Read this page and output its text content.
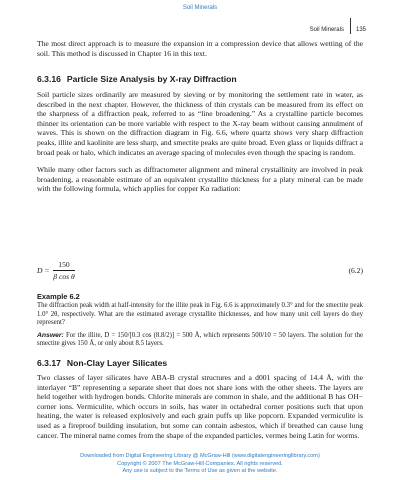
Soil Minerals
Soil Minerals 135

The most direct approach is to measure the expansion in a compression device that allows wetting of the soil. This method is discussed in Chapter 16 in this text.

6.3.16 Particle Size Analysis by X-ray Diffraction

Soil particle sizes ordinarily are measured by sieving or by monitoring the settlement rate in water, as described in the next chapter. However, the thickness of thin crystals can be measured from its effect on the sharpness of a diffraction peak, referred to as “line broadening.” As a crystalline particle becomes thinner its orientation can be more variable with respect to the X-ray beam without causing annulment of waves. This is shown on the diffraction diagram in Fig. 6.6, where quartz shows very sharp diffraction peaks, illite and kaolinite are less sharp, and smectite peaks are quite broad. Even glass or liquids diffract a broad peak or halo, which indicates an average spacing of molecules even though the spacing is random.

While many other factors such as diffractometer alignment and mineral crystallinity are involved in peak broadening, a reasonable estimate of an equivalent crystallite thickness for a platy mineral can be made with the following formula, which applies for copper Kα radiation:

D =
150
β cos θ
(6.2)
Example 6.2

The diffraction peak width at half-intensity for the illite peak in Fig. 6.6 is approximately 0.3° and for the smectite peak 1.0° 2θ, respectively. What are the estimated average crystallite thicknesses, and how many unit cell layers do they represent?

Answer: For the illite, D = 150/[0.3 cos (8.8/2)] = 500 Å, which represents 500/10 = 50 layers. The solution for the smectite gives 150 Å, or only about 8.5 layers.

6.3.17 Non-Clay Layer Silicates

Two classes of layer silicates have ABA-B crystal structures and a d001 spacing of 14.4 Å, with the interlayer “B” representing a separate sheet that does not share ions with the other sheets. The layers are held together with hydrogen bonds. Chlorite minerals are common in shale, and the additional B has OH− corner ions. Vermiculite, which occurs in soils, has water in octahedral corner positions such that upon heating, the water is released explosively and each grain puffs up like popcorn. Expanded vermiculite is used as a fireproof building insulation, but some can contain asbestos, which if breathed can cause lung cancer. The mineral name comes from the shape of the expanded particles, vermes being Latin for worms.

Downloaded from Digital Engineering Library @ McGraw-Hill (www.digitalengineeringlibrary.com)
Copyright © 2007 The McGraw-Hill Companies. All rights reserved.
Any use is subject to the Terms of Use as given at the website.
